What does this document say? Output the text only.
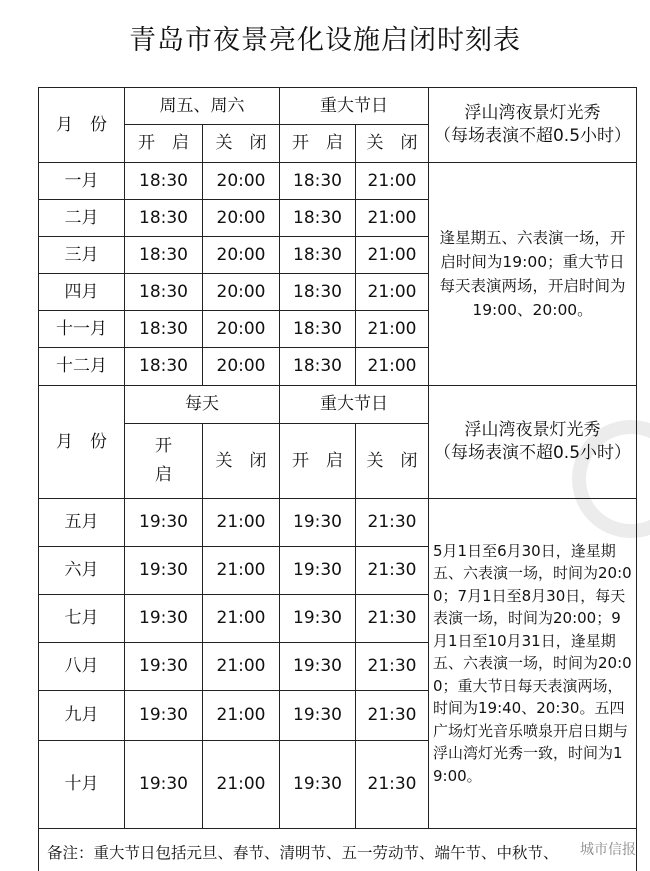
青岛市夜景亮化设施启闭时刻表
月　份	周五、周六		重大节日		浮山湾夜景灯光秀
（每场表演不超0.5小时）

	开　启	关　闭	开　启	关　闭	
一月	18:30	20:00	18:30	21:00	逢星期五、六表演一场，开启时间为19:00；重大节日每天表演两场，开启时间为19:00、20:00。
二月	18:30	20:00	18:30	21:00	
三月	18:30	20:00	18:30	21:00	
四月	18:30	20:00	18:30	21:00	
十一月	18:30	20:00	18:30	21:00	
十二月	18:30	20:00	18:30	21:00	
月　份	每天		重大节日		浮山湾夜景灯光秀
（每场表演不超0.5小时）

	开
启	关　闭	开　启	关　闭	
五月	19:30	21:00	19:30	21:30	5月1日至6月30日，逢星期五、六表演一场，时间为20:00；7月1日至8月30日，每天表演一场，时间为20:00；9月1日至10月31日，逢星期五、六表演一场，时间为20:00；重大节日每天表演两场，时间为19:40、20:30。五四广场灯光音乐喷泉开启日期与浮山湾灯光秀一致，时间为19:00。
六月	19:30	21:00	19:30	21:30	
七月	19:30	21:00	19:30	21:30	
八月	19:30	21:00	19:30	21:30	
九月	19:30	21:00	19:30	21:30	
十月	19:30	21:00	19:30	21:30	
备注：重大节日包括元旦、春节、清明节、五一劳动节、端午节、中秋节、					城市信报
